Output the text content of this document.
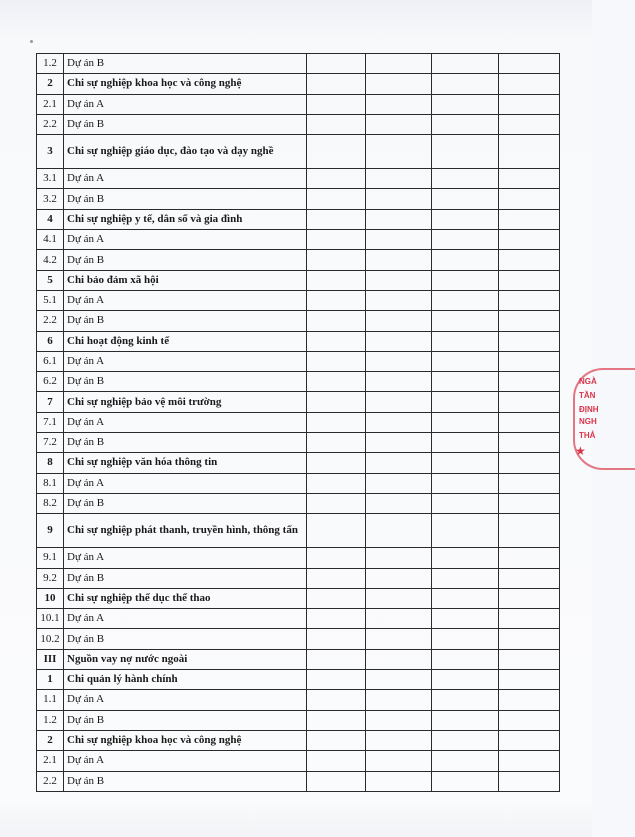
1.2	Dự án B				
2	Chi sự nghiệp khoa học và công nghệ				
2.1	Dự án A				
2.2	Dự án B				
3	Chi sự nghiệp giáo dục, đào tạo và dạy nghề				
3.1	Dự án A				
3.2	Dự án B				
4	Chi sự nghiệp y tế, dân số và gia đình				
4.1	Dự án A				
4.2	Dự án B				
5	Chi bảo đảm xã hội				
5.1	Dự án A				
2.2	Dự án B				
6	Chi hoạt động kinh tế				
6.1	Dự án A				
6.2	Dự án B				
7	Chi sự nghiệp bảo vệ môi trường				
7.1	Dự án A				
7.2	Dự án B				
8	Chi sự nghiệp văn hóa thông tin				
8.1	Dự án A				
8.2	Dự án B				
9	Chi sự nghiệp phát thanh, truyền hình, thông tấn				
9.1	Dự án A				
9.2	Dự án B				
10	Chi sự nghiệp thể dục thể thao				
10.1	Dự án A				
10.2	Dự án B				
III	Nguồn vay nợ nước ngoài				
1	Chi quản lý hành chính				
1.1	Dự án A				
1.2	Dự án B				
2	Chi sự nghiệp khoa học và công nghệ				
2.1	Dự án A				
2.2	Dự án B				
NGÀ
TẦN
ĐỊNH
NGH
THẢ
★
